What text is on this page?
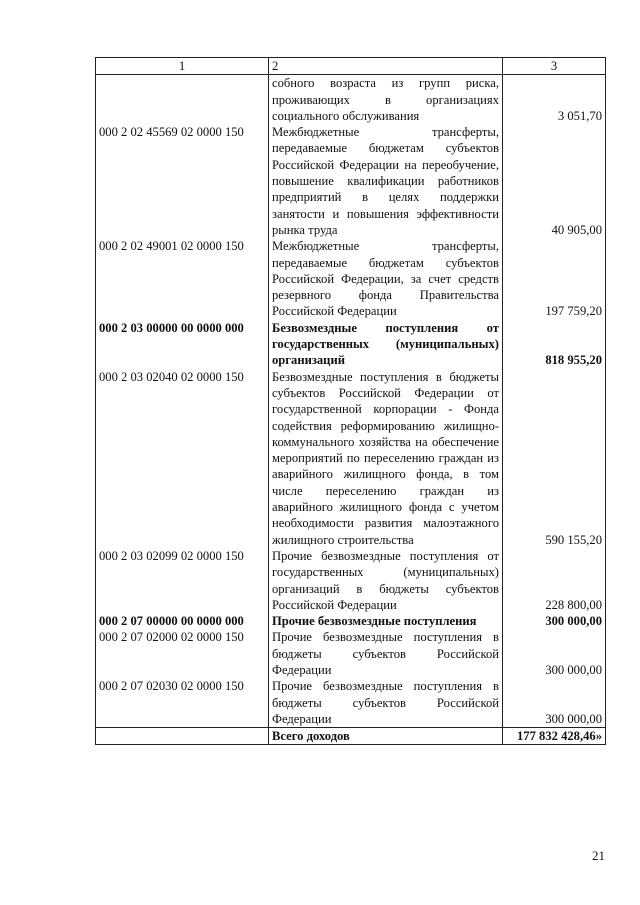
1	2	3
	собного возраста из групп риска, проживающих в организациях социального обслуживания	3 051,70
000 2 02 45569 02 0000 150	Межбюджетные трансферты, передаваемые бюджетам субъектов Российской Федерации на переобучение, повышение квалификации работников предприятий в целях поддержки занятости и повышения эффективности рынка труда	40 905,00
000 2 02 49001 02 0000 150	Межбюджетные трансферты, передаваемые бюджетам субъектов Российской Федерации, за счет средств резервного фонда Правительства Российской Федерации	197 759,20
000 2 03 00000 00 0000 000	Безвозмездные поступления от государственных (муниципальных) организаций	818 955,20
000 2 03 02040 02 0000 150	Безвозмездные поступления в бюджеты субъектов Российской Федерации от государственной корпорации - Фонда содействия реформированию жилищно-коммунального хозяйства на обеспечение мероприятий по переселению граждан из аварийного жилищного фонда, в том числе переселению граждан из аварийного жилищного фонда с учетом необходимости развития малоэтажного жилищного строительства	590 155,20
000 2 03 02099 02 0000 150	Прочие безвозмездные поступления от государственных (муниципальных) организаций в бюджеты субъектов Российской Федерации	228 800,00
000 2 07 00000 00 0000 000	Прочие безвозмездные поступления	300 000,00
000 2 07 02000 02 0000 150	Прочие безвозмездные поступления в бюджеты субъектов Российской Федерации	300 000,00
000 2 07 02030 02 0000 150	Прочие безвозмездные поступления в бюджеты субъектов Российской Федерации	300 000,00
	Всего доходов	177 832 428,46»
21
